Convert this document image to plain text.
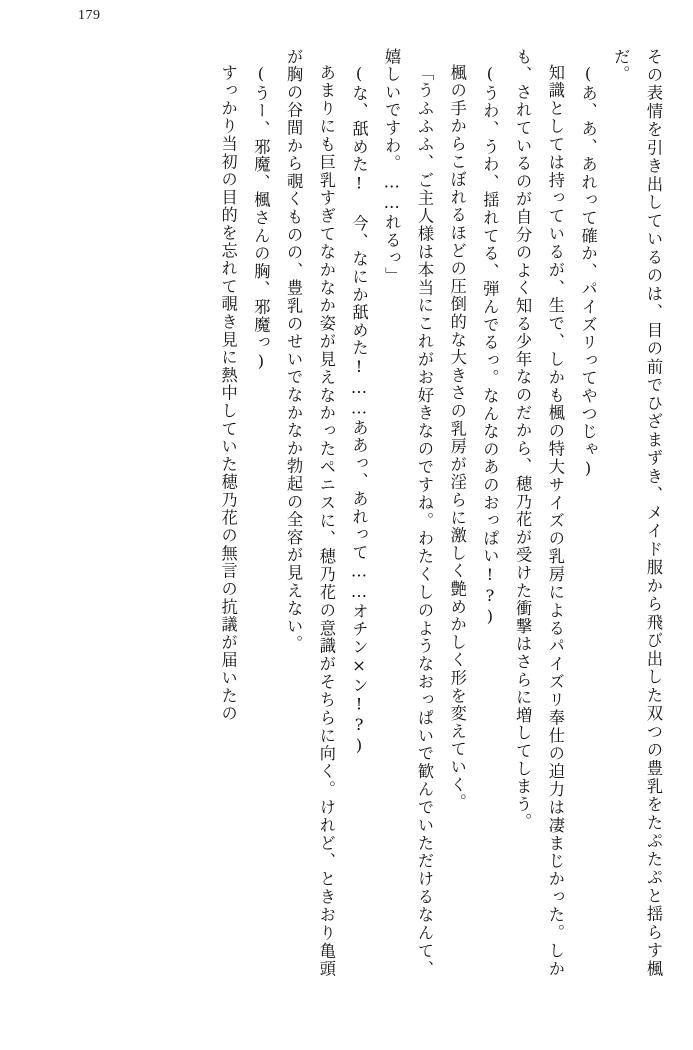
179

その表情を引き出しているのは、目の前でひざまずき、メイド服から飛び出した双つの豊乳をたぷたぷと揺らす楓だ。

(あ、あ、あれって確か、パイズリってやつじゃ)

知識としては持っているが、生で、しかも楓の特大サイズの乳房によるパイズリ奉仕の迫力は凄まじかった。しかも、されているのが自分のよく知る少年なのだから、穂乃花が受けた衝撃はさらに増してしまう。

(うわ、うわ、揺れてる、弾んでるっ。なんなのあのおっぱい!?)

楓の手からこぼれるほどの圧倒的な大きさの乳房が淫らに激しく艶めかしく形を変えていく。

「うふふふ、ご主人様は本当にこれがお好きなのですね。わたくしのようなおっぱいで歓んでいただけるなんて、嬉しいですわ。……れるっ」

(な、舐めた! 今、なにか舐めた!……ああっ、あれって……オチン×ン!?)

あまりにも巨乳すぎてなかなか姿が見えなかったペニスに、穂乃花の意識がそちらに向く。けれど、ときおり亀頭が胸の谷間から覗くものの、豊乳のせいでなかなか勃起の全容が見えない。

(うー、邪魔、楓さんの胸、邪魔っ)

すっかり当初の目的を忘れて覗き見に熱中していた穂乃花の無言の抗議が届いたの
